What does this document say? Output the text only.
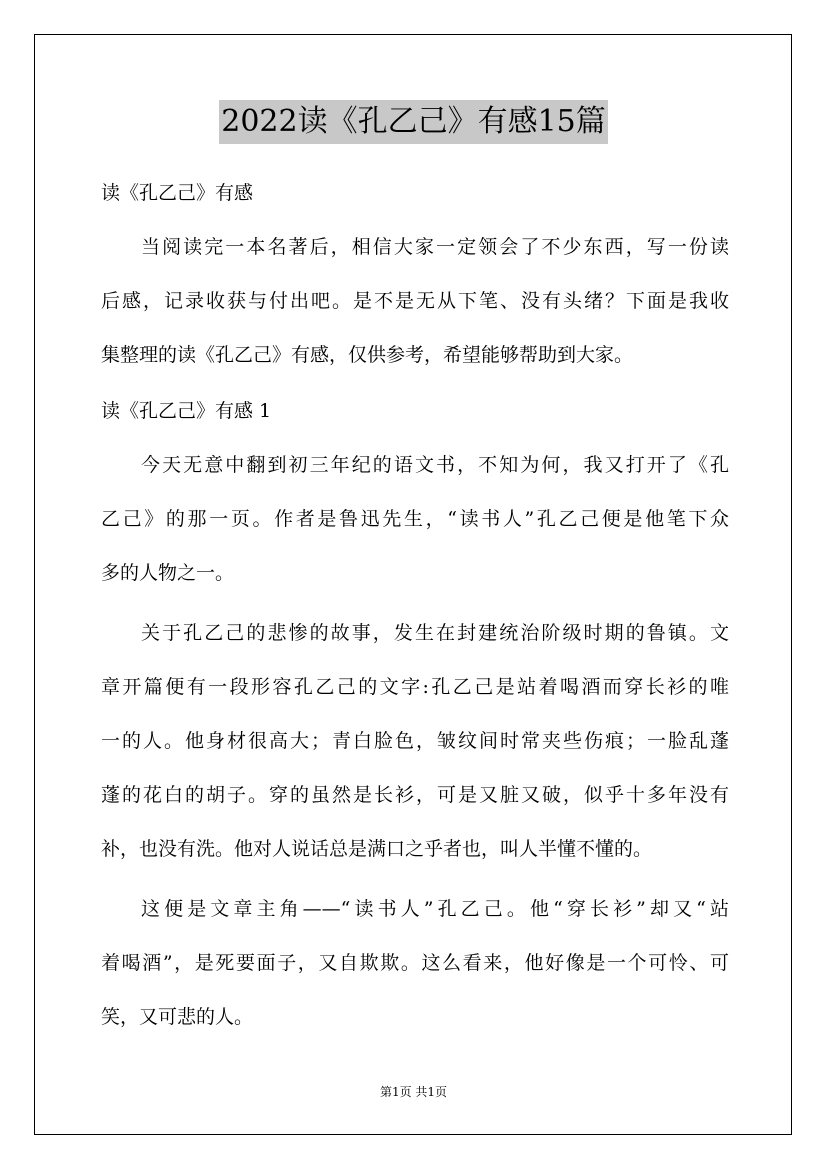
2022读《孔乙己》有感15篇
读《孔乙己》有感
当阅读完一本名著后，相信大家一定领会了不少东西，写一份读
后感，记录收获与付出吧。是不是无从下笔、没有头绪？下面是我收
集整理的读《孔乙己》有感，仅供参考，希望能够帮助到大家。
读《孔乙己》有感 1
今天无意中翻到初三年纪的语文书，不知为何，我又打开了《孔
乙己》的那一页。作者是鲁迅先生，“读书人”孔乙己便是他笔下众
多的人物之一。
关于孔乙己的悲惨的故事，发生在封建统治阶级时期的鲁镇。文
章开篇便有一段形容孔乙己的文字:孔乙己是站着喝酒而穿长衫的唯
一的人。他身材很高大；青白脸色，皱纹间时常夹些伤痕；一脸乱蓬
蓬的花白的胡子。穿的虽然是长衫，可是又脏又破，似乎十多年没有
补，也没有洗。他对人说话总是满口之乎者也，叫人半懂不懂的。
这便是文章主角——“读书人”孔乙己。他“穿长衫”却又“站
着喝酒”，是死要面子，又自欺欺。这么看来，他好像是一个可怜、可
笑，又可悲的人。
第1页 共1页
